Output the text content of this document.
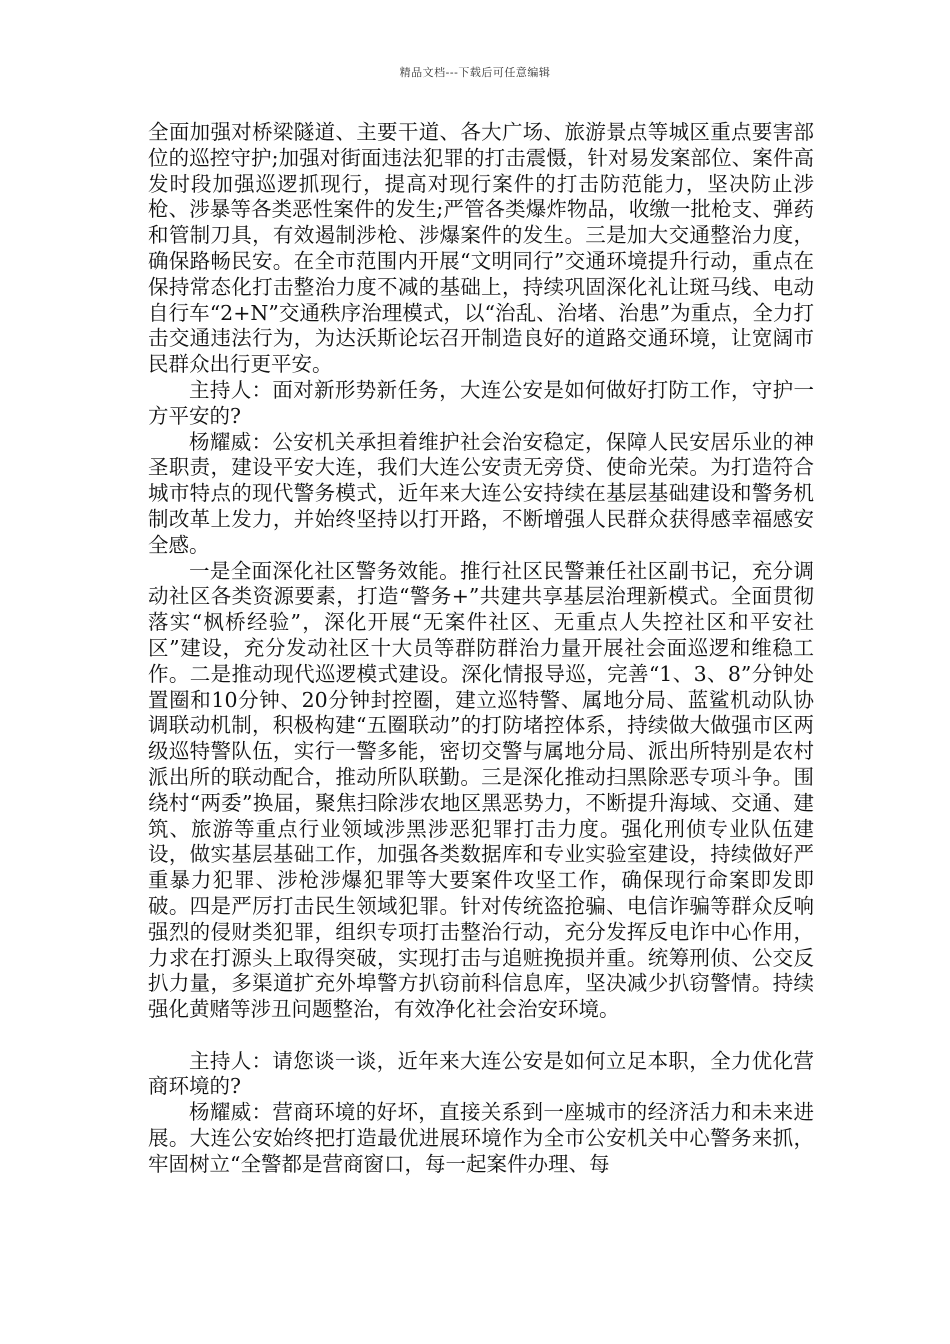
精品文档---下载后可任意编辑

全面加强对桥梁隧道、主要干道、各大广场、旅游景点等城区重点要害部位的巡控守护;加强对街面违法犯罪的打击震慑，针对易发案部位、案件高发时段加强巡逻抓现行，提高对现行案件的打击防范能力，坚决防止涉枪、涉暴等各类恶性案件的发生;严管各类爆炸物品，收缴一批枪支、弹药和管制刀具，有效遏制涉枪、涉爆案件的发生。三是加大交通整治力度，确保路畅民安。在全市范围内开展“文明同行”交通环境提升行动，重点在保持常态化打击整治力度不减的基础上，持续巩固深化礼让斑马线、电动自行车“2+N”交通秩序治理模式，以“治乱、治堵、治患”为重点，全力打击交通违法行为，为达沃斯论坛召开制造良好的道路交通环境，让宽阔市民群众出行更平安。

主持人：面对新形势新任务，大连公安是如何做好打防工作，守护一方平安的?

杨耀威：公安机关承担着维护社会治安稳定，保障人民安居乐业的神圣职责，建设平安大连，我们大连公安责无旁贷、使命光荣。为打造符合城市特点的现代警务模式，近年来大连公安持续在基层基础建设和警务机制改革上发力，并始终坚持以打开路，不断增强人民群众获得感幸福感安全感。

一是全面深化社区警务效能。推行社区民警兼任社区副书记，充分调动社区各类资源要素，打造“警务+”共建共享基层治理新模式。全面贯彻落实“枫桥经验”，深化开展“无案件社区、无重点人失控社区和平安社区”建设，充分发动社区十大员等群防群治力量开展社会面巡逻和维稳工作。二是推动现代巡逻模式建设。深化情报导巡，完善“1、3、8”分钟处置圈和10分钟、20分钟封控圈，建立巡特警、属地分局、蓝鲨机动队协调联动机制，积极构建“五圈联动”的打防堵控体系，持续做大做强市区两级巡特警队伍，实行一警多能，密切交警与属地分局、派出所特别是农村派出所的联动配合，推动所队联勤。三是深化推动扫黑除恶专项斗争。围绕村“两委”换届，聚焦扫除涉农地区黑恶势力，不断提升海域、交通、建筑、旅游等重点行业领域涉黑涉恶犯罪打击力度。强化刑侦专业队伍建设，做实基层基础工作，加强各类数据库和专业实验室建设，持续做好严重暴力犯罪、涉枪涉爆犯罪等大要案件攻坚工作，确保现行命案即发即破。四是严厉打击民生领域犯罪。针对传统盗抢骗、电信诈骗等群众反响强烈的侵财类犯罪，组织专项打击整治行动，充分发挥反电诈中心作用，力求在打源头上取得突破，实现打击与追赃挽损并重。统筹刑侦、公交反扒力量，多渠道扩充外埠警方扒窃前科信息库，坚决减少扒窃警情。持续强化黄赌等涉丑问题整治，有效净化社会治安环境。

主持人：请您谈一谈，近年来大连公安是如何立足本职，全力优化营商环境的?

杨耀威：营商环境的好坏，直接关系到一座城市的经济活力和未来进展。大连公安始终把打造最优进展环境作为全市公安机关中心警务来抓，牢固树立“全警都是营商窗口，每一起案件办理、每
